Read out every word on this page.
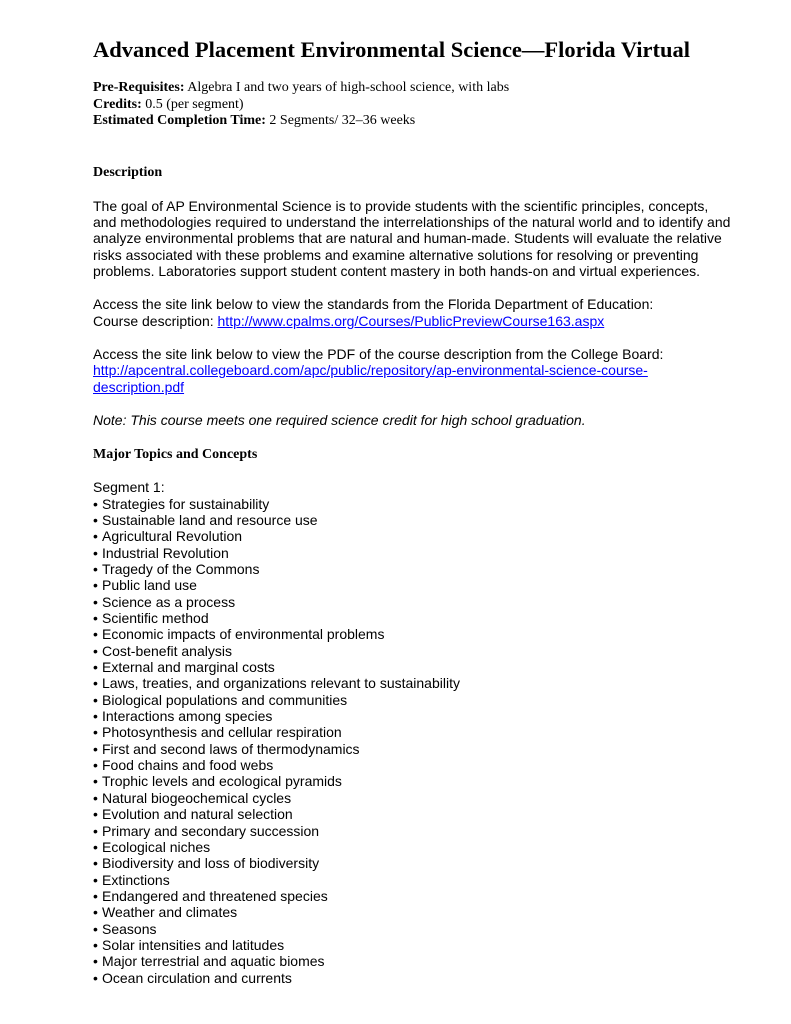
Advanced Placement Environmental Science—Florida Virtual
Pre-Requisites: Algebra I and two years of high-school science, with labs
Credits: 0.5 (per segment)
Estimated Completion Time: 2 Segments/ 32–36 weeks
Description
The goal of AP Environmental Science is to provide students with the scientific principles, concepts,
and methodologies required to understand the interrelationships of the natural world and to identify and
analyze environmental problems that are natural and human-made. Students will evaluate the relative
risks associated with these problems and examine alternative solutions for resolving or preventing
problems. Laboratories support student content mastery in both hands-on and virtual experiences.
Access the site link below to view the standards from the Florida Department of Education:
Course description: http://www.cpalms.org/Courses/PublicPreviewCourse163.aspx
Access the site link below to view the PDF of the course description from the College Board:
http://apcentral.collegeboard.com/apc/public/repository/ap-environmental-science-course-
description.pdf
Note: This course meets one required science credit for high school graduation.
Major Topics and Concepts
Segment 1:
• Strategies for sustainability
• Sustainable land and resource use
• Agricultural Revolution
• Industrial Revolution
• Tragedy of the Commons
• Public land use
• Science as a process
• Scientific method
• Economic impacts of environmental problems
• Cost-benefit analysis
• External and marginal costs
• Laws, treaties, and organizations relevant to sustainability
• Biological populations and communities
• Interactions among species
• Photosynthesis and cellular respiration
• First and second laws of thermodynamics
• Food chains and food webs
• Trophic levels and ecological pyramids
• Natural biogeochemical cycles
• Evolution and natural selection
• Primary and secondary succession
• Ecological niches
• Biodiversity and loss of biodiversity
• Extinctions
• Endangered and threatened species
• Weather and climates
• Seasons
• Solar intensities and latitudes
• Major terrestrial and aquatic biomes
• Ocean circulation and currents
